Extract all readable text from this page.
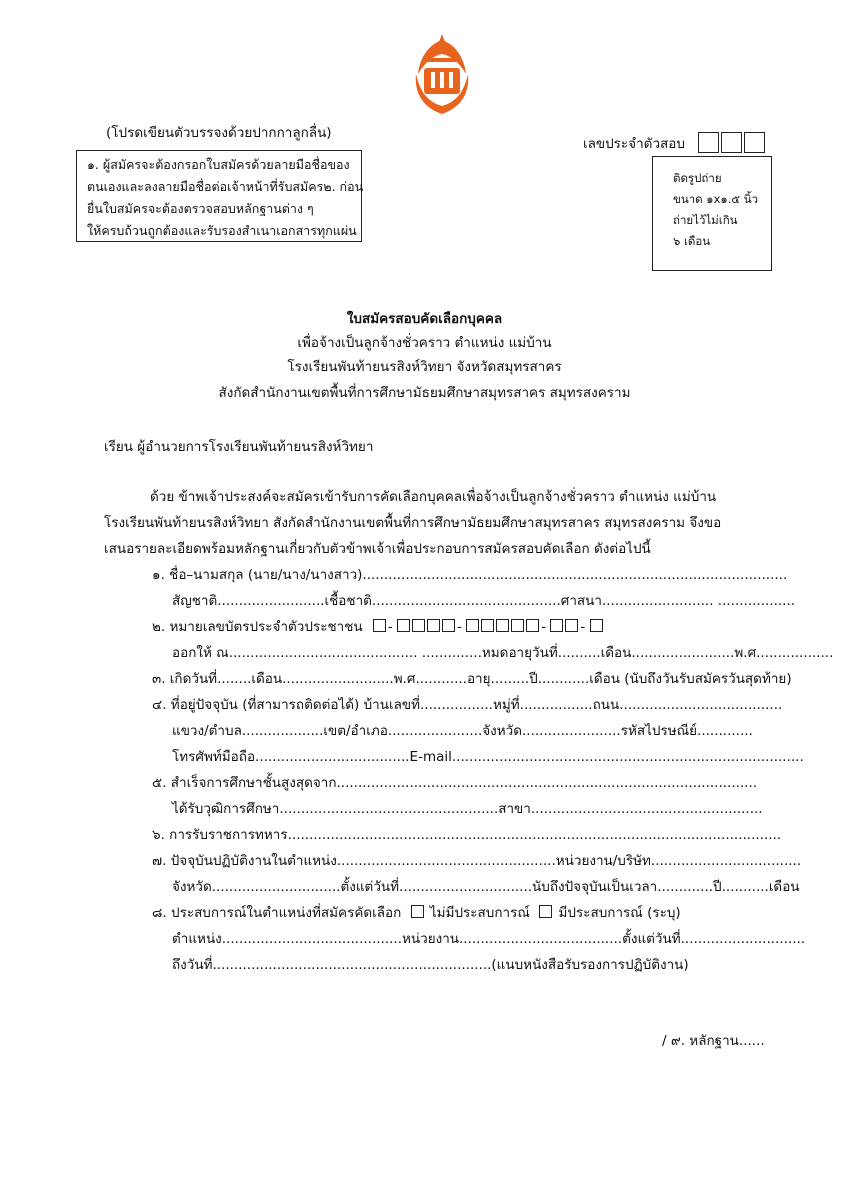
(โปรดเขียนตัวบรรจงด้วยปากกาลูกลื่น)
เลขประจำตัวสอบ
๑. ผู้สมัครจะต้องกรอกใบสมัครด้วยลายมือชื่อของ
ตนเองและลงลายมือชื่อต่อเจ้าหน้าที่รับสมัคร๒. ก่อน
ยื่นใบสมัครจะต้องตรวจสอบหลักฐานต่าง ๆ
ให้ครบถ้วนถูกต้องและรับรองสำเนาเอกสารทุกแผ่น
ติดรูปถ่าย
ขนาด ๑x๑.๕ นิ้ว
ถ่ายไว้ไม่เกิน
๖ เดือน
ใบสมัครสอบคัดเลือกบุคคล
เพื่อจ้างเป็นลูกจ้างชั่วคราว ตำแหน่ง แม่บ้าน
โรงเรียนพันท้ายนรสิงห์วิทยา จังหวัดสมุทรสาคร
สังกัดสำนักงานเขตพื้นที่การศึกษามัธยมศึกษาสมุทรสาคร สมุทรสงคราม
เรียน ผู้อำนวยการโรงเรียนพันท้ายนรสิงห์วิทยา
ด้วย ข้าพเจ้าประสงค์จะสมัครเข้ารับการคัดเลือกบุคคลเพื่อจ้างเป็นลูกจ้างชั่วคราว ตำแหน่ง แม่บ้าน
โรงเรียนพันท้ายนรสิงห์วิทยา สังกัดสำนักงานเขตพื้นที่การศึกษามัธยมศึกษาสมุทรสาคร สมุทรสงคราม จึงขอ
เสนอรายละเอียดพร้อมหลักฐานเกี่ยวกับตัวข้าพเจ้าเพื่อประกอบการสมัครสอบคัดเลือก ดังต่อไปนี้
๑. ชื่อ–นามสกุล (นาย/นาง/นางสาว)...................................................................................................
สัญชาติ.........................เชื้อชาติ............................................ศาสนา.......................... ..................
๒. หมายเลขบัตรประจำตัวประชาชน -	-	- -
ออกให้ ณ............................................ ..............หมดอายุวันที่..........เดือน........................พ.ศ..................
๓. เกิดวันที่........เดือน..........................พ.ศ............อายุ.........ปี............เดือน (นับถึงวันรับสมัครวันสุดท้าย)
๔. ที่อยู่ปัจจุบัน (ที่สามารถติดต่อได้) บ้านเลขที่.................หมู่ที่.................ถนน......................................
แขวง/ตำบล...................เขต/อำเภอ......................จังหวัด.......................รหัสไปรษณีย์.............
โทรศัพท์มือถือ....................................E-mail..................................................................................
๕. สำเร็จการศึกษาชั้นสูงสุดจาก..................................................................................................
ได้รับวุฒิการศึกษา...................................................สาขา......................................................
๖. การรับราชการทหาร...................................................................................................................
๗. ปัจจุบันปฏิบัติงานในตำแหน่ง...................................................หน่วยงาน/บริษัท...................................
จังหวัด..............................ตั้งแต่วันที่...............................นับถึงปัจจุบันเป็นเวลา.............ปี...........เดือน
๘. ประสบการณ์ในตำแหน่งที่สมัครคัดเลือก ไม่มีประสบการณ์ มีประสบการณ์ (ระบุ)
ตำแหน่ง..........................................หน่วยงาน......................................ตั้งแต่วันที่.............................
ถึงวันที่.................................................................(แนบหนังสือรับรองการปฏิบัติงาน)
/ ๙. หลักฐาน......
